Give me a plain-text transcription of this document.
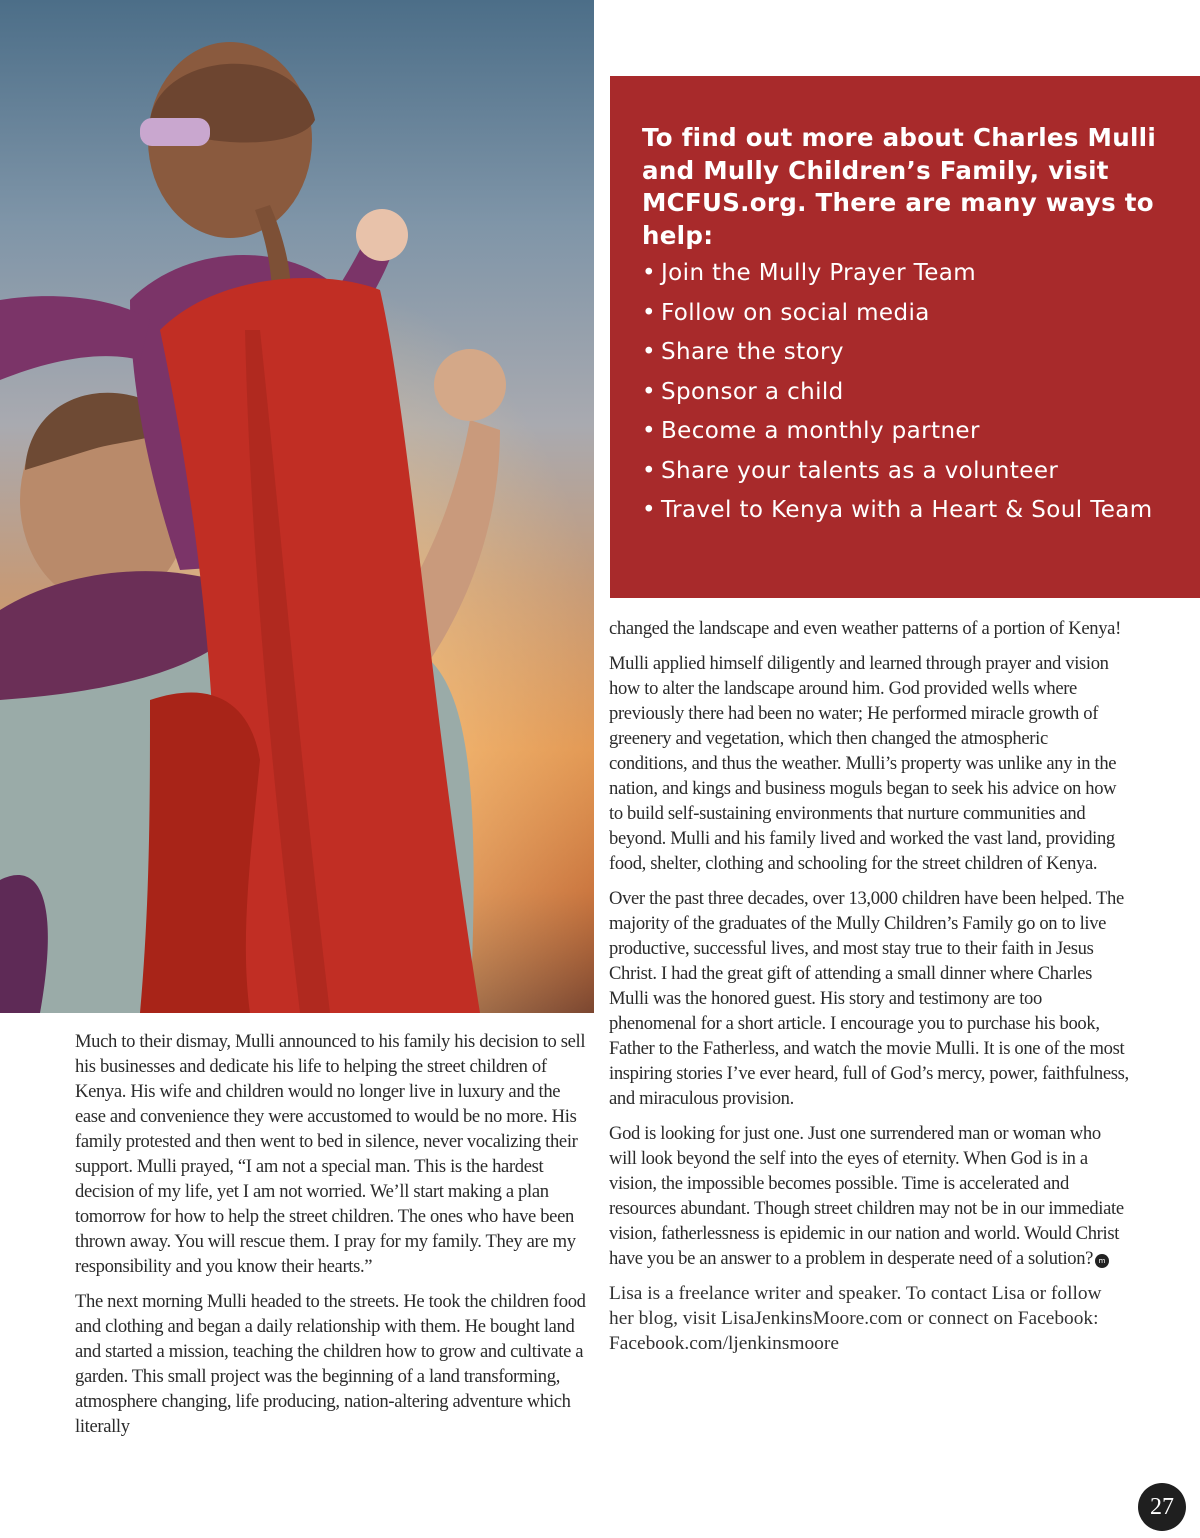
To find out more about Charles Mulli and Mully Children’s Family, visit MCFUS.org. There are many ways to help:
• Join the Mully Prayer Team
• Follow on social media
• Share the story
• Sponsor a child
• Become a monthly partner
• Share your talents as a volunteer
• Travel to Kenya with a Heart & Soul Team

Much to their dismay, Mulli announced to his family his decision to sell his businesses and dedicate his life to helping the street children of Kenya. His wife and children would no longer live in luxury and the ease and convenience they were accustomed to would be no more. His family protested and then went to bed in silence, never vocalizing their support. Mulli prayed, “I am not a special man. This is the hardest decision of my life, yet I am not worried. We’ll start making a plan tomorrow for how to help the street children. The ones who have been thrown away. You will rescue them. I pray for my family. They are my responsibility and you know their hearts.”

The next morning Mulli headed to the streets. He took the children food and clothing and began a daily relationship with them. He bought land and started a mission, teaching the children how to grow and cultivate a garden. This small project was the beginning of a land transforming, atmosphere changing, life producing, nation-altering adventure which literally

changed the landscape and even weather patterns of a portion of Kenya!

Mulli applied himself diligently and learned through prayer and vision how to alter the landscape around him. God provided wells where previously there had been no water; He performed miracle growth of greenery and vegetation, which then changed the atmospheric conditions, and thus the weather. Mulli’s property was unlike any in the nation, and kings and business moguls began to seek his advice on how to build self-sustaining environments that nurture communities and beyond. Mulli and his family lived and worked the vast land, providing food, shelter, clothing and schooling for the street children of Kenya.

Over the past three decades, over 13,000 children have been helped. The majority of the graduates of the Mully Children’s Family go on to live productive, successful lives, and most stay true to their faith in Jesus Christ. I had the great gift of attending a small dinner where Charles Mulli was the honored guest. His story and testimony are too phenomenal for a short article. I encourage you to purchase his book, Father to the Fatherless, and watch the movie Mulli. It is one of the most inspiring stories I’ve ever heard, full of God’s mercy, power, faithfulness, and miraculous provision.

God is looking for just one. Just one surrendered man or woman who will look beyond the self into the eyes of eternity. When God is in a vision, the impossible becomes possible. Time is accelerated and resources abundant. Though street children may not be in our immediate vision, fatherlessness is epidemic in our nation and world. Would Christ have you be an answer to a problem in desperate need of a solution? m

Lisa is a freelance writer and speaker. To contact Lisa or follow her blog, visit LisaJenkinsMoore.com or connect on Facebook: Facebook.com/ljenkinsmoore

27
